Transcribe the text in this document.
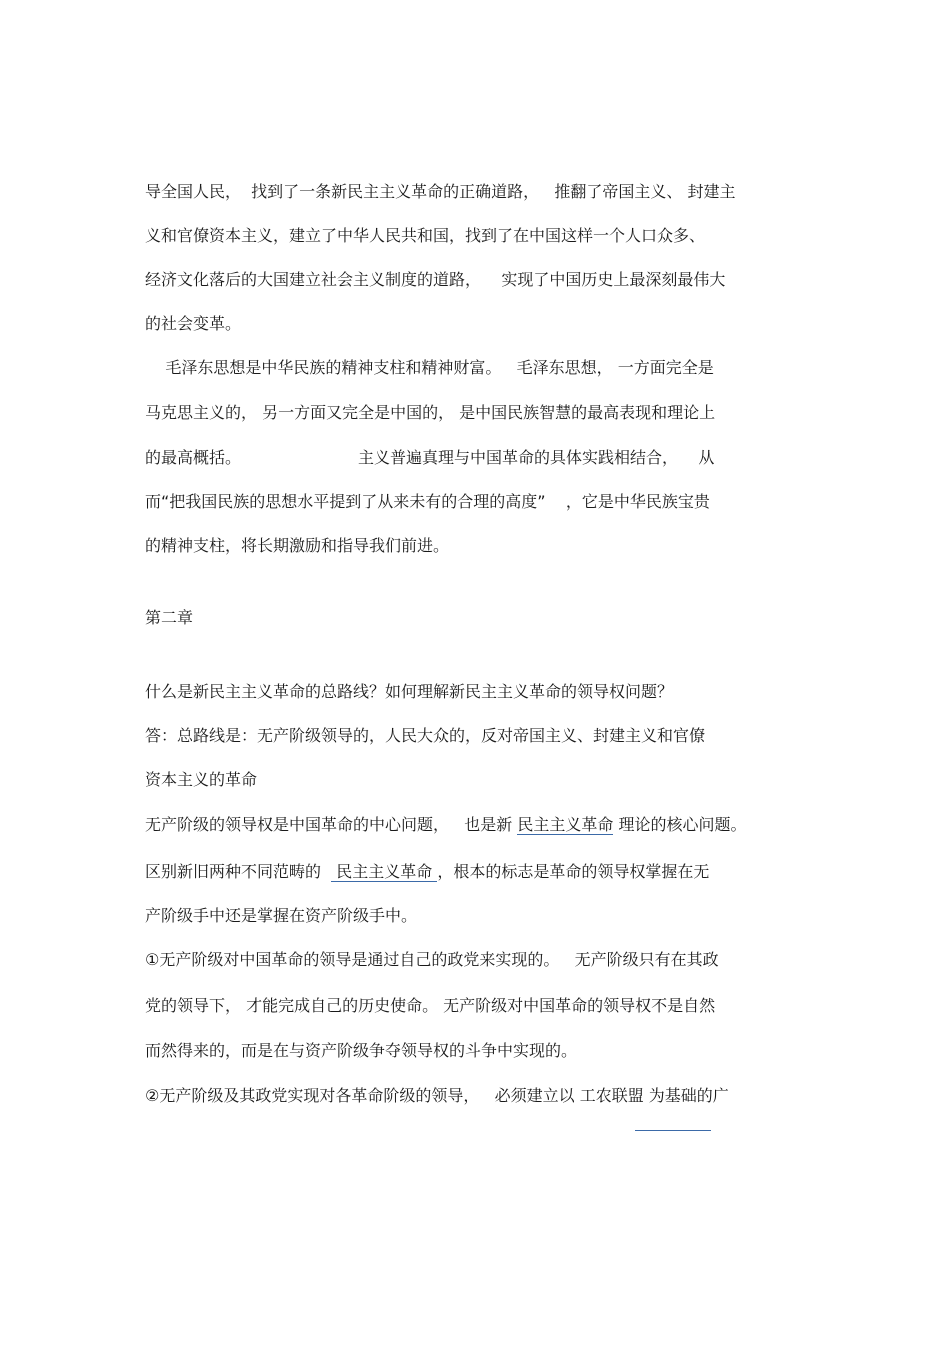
导全国人民，  找到了一条新民主主义革命的正确道路，   推翻了帝国主义、 封建主
义和官僚资本主义，建立了中华人民共和国，找到了在中国这样一个人口众多、
经济文化落后的大国建立社会主义制度的道路，    实现了中国历史上最深刻最伟大
的社会变革。
毛泽东思想是中华民族的精神支柱和精神财富。   毛泽东思想， 一方面完全是
马克思主义的， 另一方面又完全是中国的， 是中国民族智慧的最高表现和理论上
的最高概括。                       主义普遍真理与中国革命的具体实践相结合，    从
而“把我国民族的思想水平提到了从来未有的合理的高度”    ，它是中华民族宝贵
的精神支柱，将长期激励和指导我们前进。
第二章
什么是新民主主义革命的总路线？如何理解新民主主义革命的领导权问题？
答：总路线是：无产阶级领导的，人民大众的，反对帝国主义、封建主义和官僚
资本主义的革命
无产阶级的领导权是中国革命的中心问题，   也是新 民主主义革命 理论的核心问题。
区别新旧两种不同范畴的   民主主义革命 ，根本的标志是革命的领导权掌握在无
产阶级手中还是掌握在资产阶级手中。
①无产阶级对中国革命的领导是通过自己的政党来实现的。   无产阶级只有在其政
党的领导下， 才能完成自己的历史使命。 无产阶级对中国革命的领导权不是自然
而然得来的，而是在与资产阶级争夺领导权的斗争中实现的。
②无产阶级及其政党实现对各革命阶级的领导，   必须建立以 工农联盟 为基础的广
